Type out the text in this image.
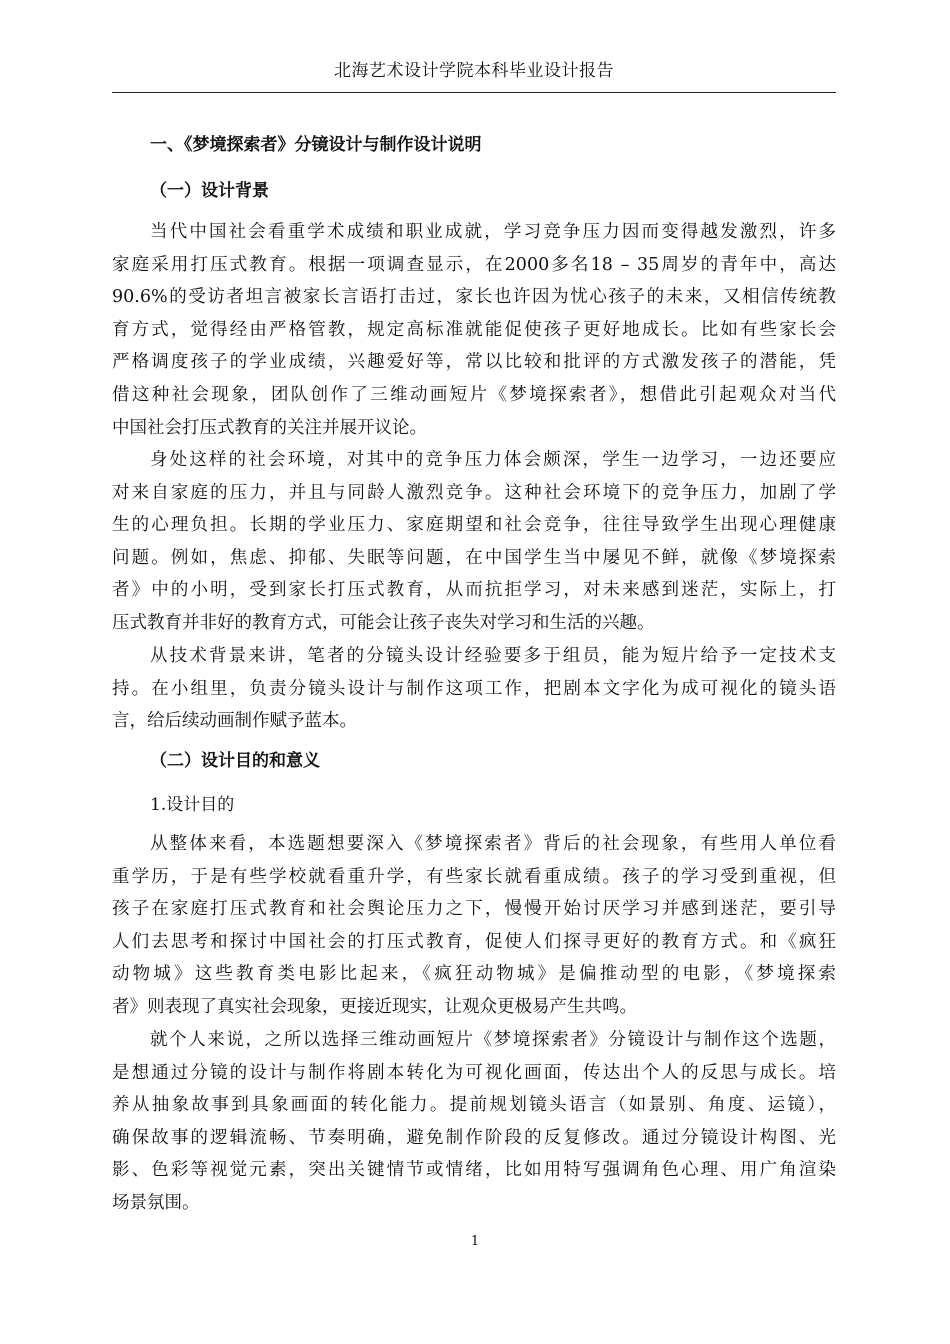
北海艺术设计学院本科毕业设计报告
一、《梦境探索者》分镜设计与制作设计说明
（一）设计背景
当代中国社会看重学术成绩和职业成就，学习竞争压力因而变得越发激烈，许多
家庭采用打压式教育。根据一项调查显示，在2000多名18 – 35周岁的青年中，高达
90.6%的受访者坦言被家长言语打击过，家长也许因为忧心孩子的未来，又相信传统教
育方式，觉得经由严格管教，规定高标准就能促使孩子更好地成长。比如有些家长会
严格调度孩子的学业成绩，兴趣爱好等，常以比较和批评的方式激发孩子的潜能，凭
借这种社会现象，团队创作了三维动画短片《梦境探索者》，想借此引起观众对当代
中国社会打压式教育的关注并展开议论。
身处这样的社会环境，对其中的竞争压力体会颇深，学生一边学习，一边还要应
对来自家庭的压力，并且与同龄人激烈竞争。这种社会环境下的竞争压力，加剧了学
生的心理负担。长期的学业压力、家庭期望和社会竞争，往往导致学生出现心理健康
问题。例如，焦虑、抑郁、失眠等问题，在中国学生当中屡见不鲜，就像《梦境探索
者》中的小明，受到家长打压式教育，从而抗拒学习，对未来感到迷茫，实际上，打
压式教育并非好的教育方式，可能会让孩子丧失对学习和生活的兴趣。
从技术背景来讲，笔者的分镜头设计经验要多于组员，能为短片给予一定技术支
持。在小组里，负责分镜头设计与制作这项工作，把剧本文字化为成可视化的镜头语
言，给后续动画制作赋予蓝本。
（二）设计目的和意义
1.设计目的
从整体来看，本选题想要深入《梦境探索者》背后的社会现象，有些用人单位看
重学历，于是有些学校就看重升学，有些家长就看重成绩。孩子的学习受到重视，但
孩子在家庭打压式教育和社会舆论压力之下，慢慢开始讨厌学习并感到迷茫，要引导
人们去思考和探讨中国社会的打压式教育，促使人们探寻更好的教育方式。和《疯狂
动物城》这些教育类电影比起来，《疯狂动物城》是偏推动型的电影，《梦境探索
者》则表现了真实社会现象，更接近现实，让观众更极易产生共鸣。
就个人来说，之所以选择三维动画短片《梦境探索者》分镜设计与制作这个选题，
是想通过分镜的设计与制作将剧本转化为可视化画面，传达出个人的反思与成长。培
养从抽象故事到具象画面的转化能力。提前规划镜头语言（如景别、角度、运镜），
确保故事的逻辑流畅、节奏明确，避免制作阶段的反复修改。通过分镜设计构图、光
影、色彩等视觉元素，突出关键情节或情绪，比如用特写强调角色心理、用广角渲染
场景氛围。
1
